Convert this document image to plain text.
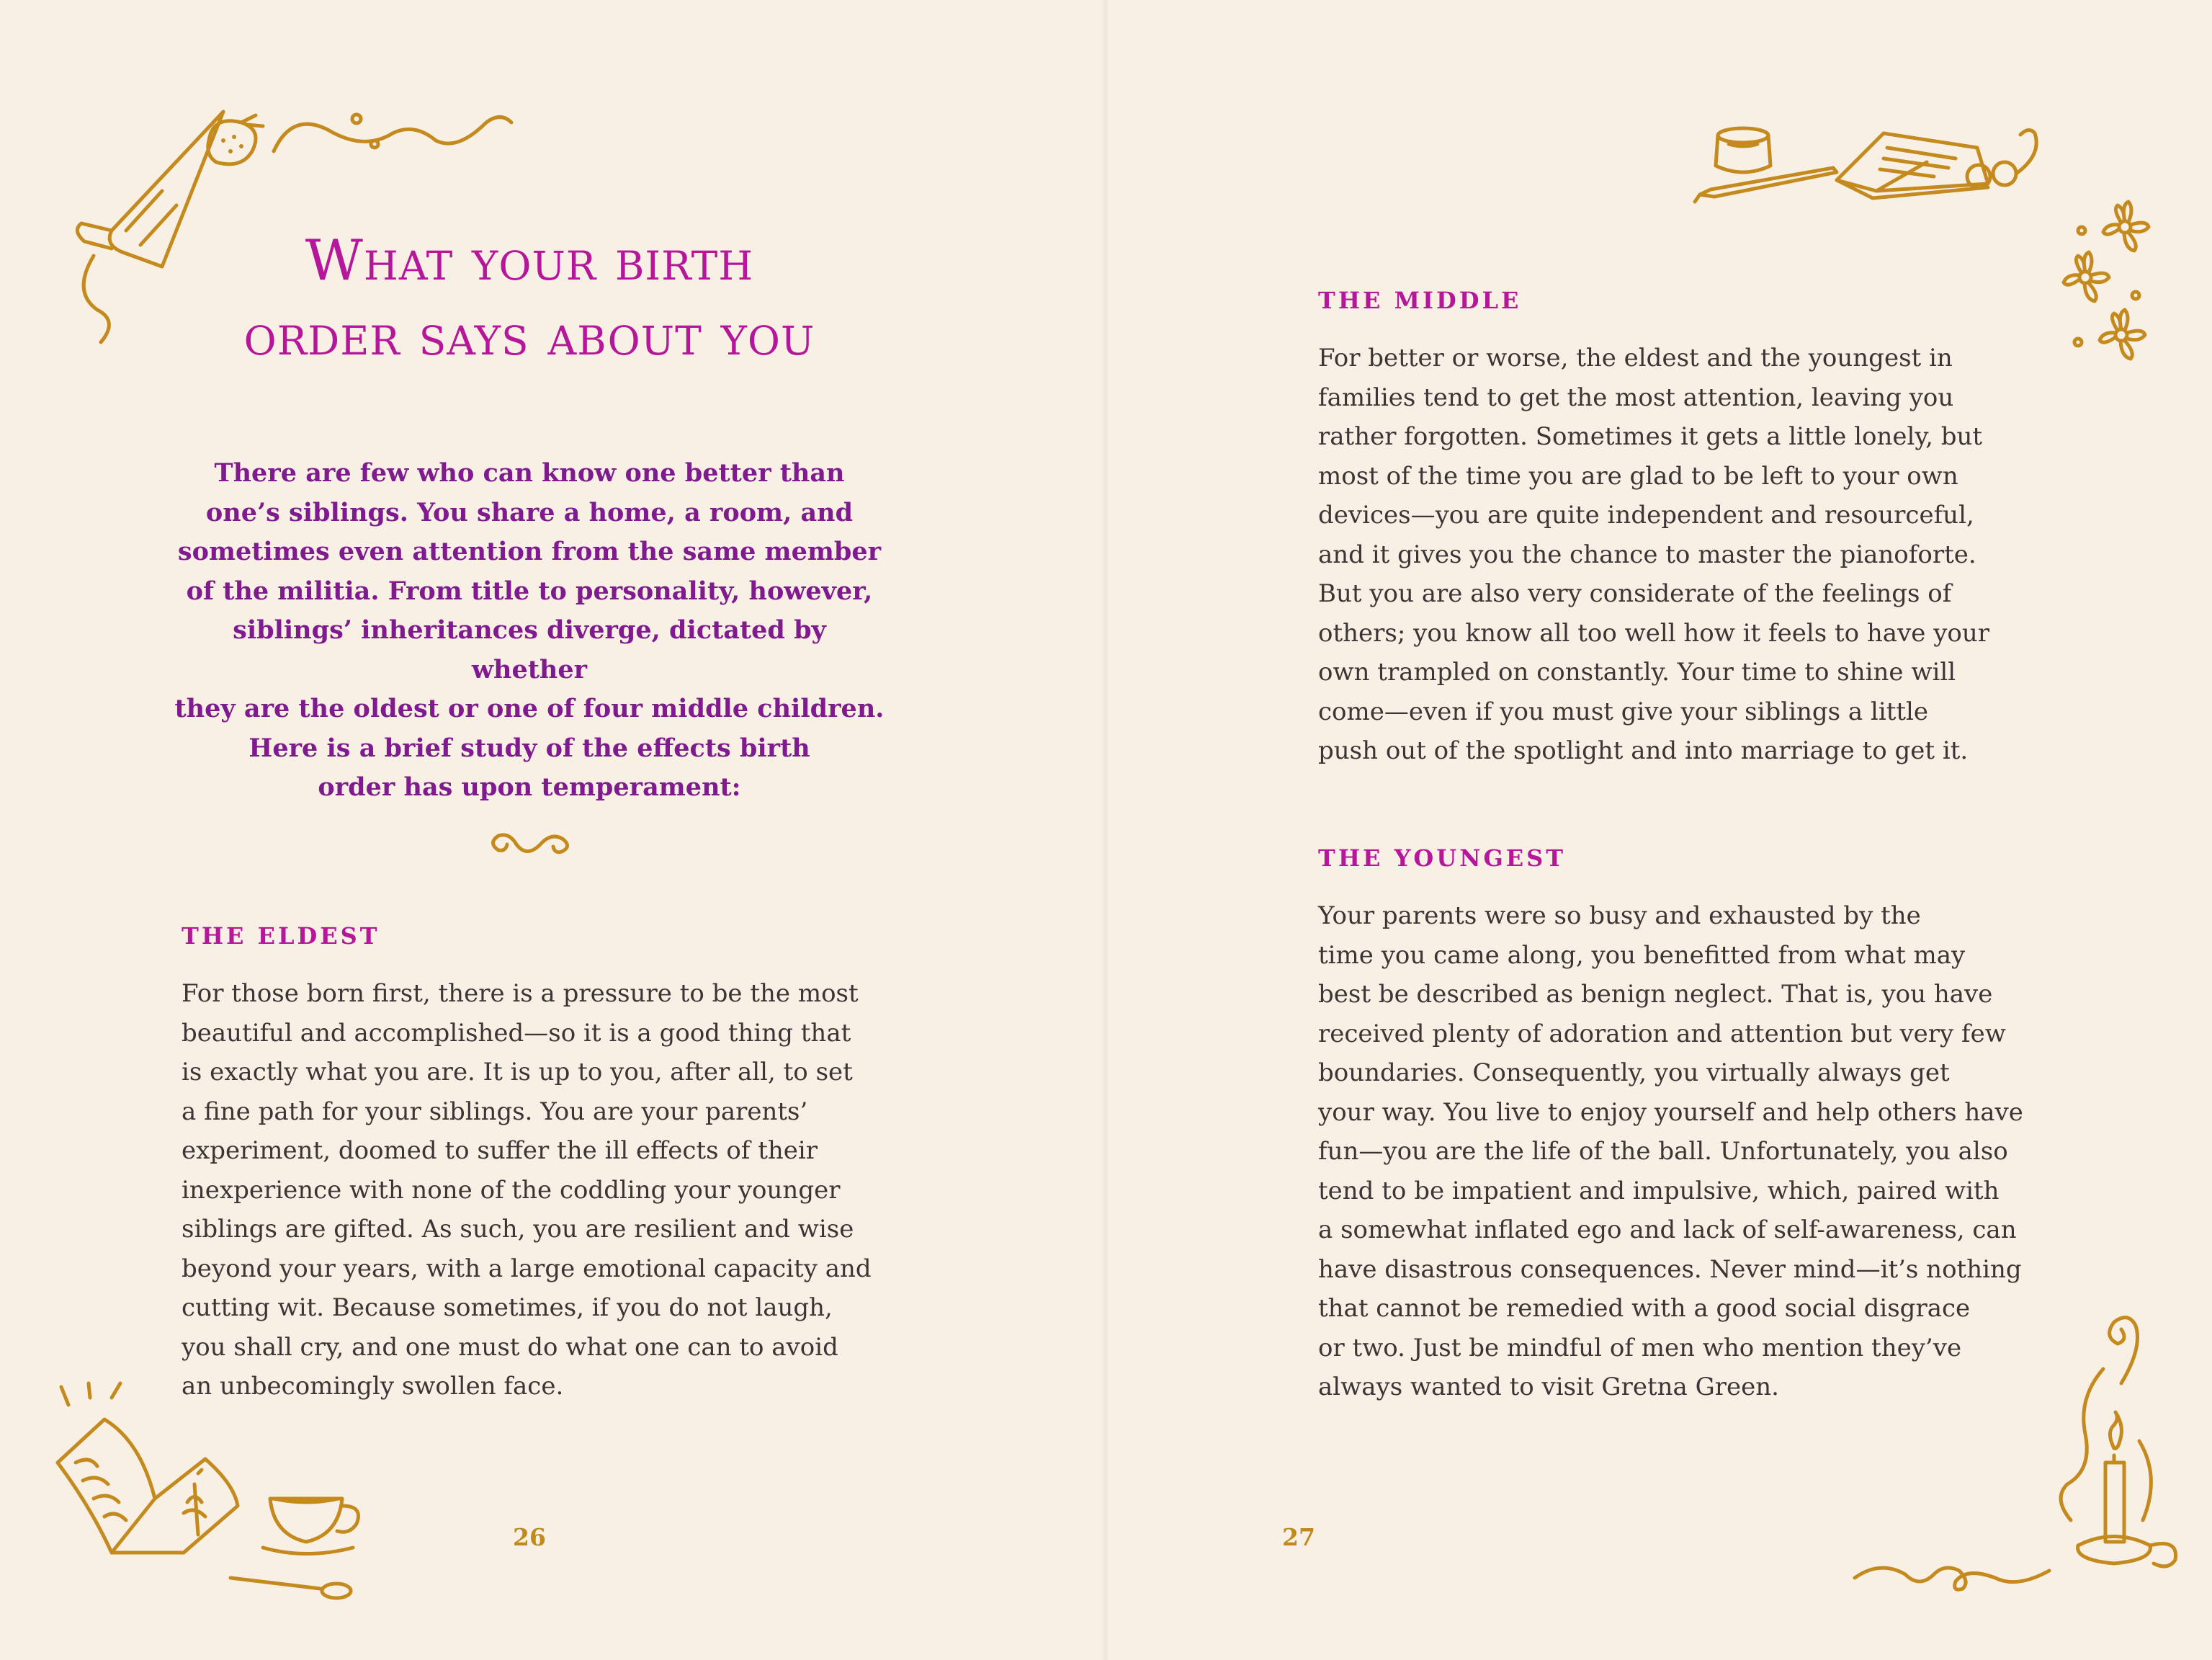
What your birth
order says about you
There are few who can know one better than
one’s siblings. You share a home, a room, and
sometimes even attention from the same member
of the militia. From title to personality, however,
siblings’ inheritances diverge, dictated by whether
they are the oldest or one of four middle children.
Here is a brief study of the effects birth
order has upon temperament:
THE ELDEST

For those born first, there is a pressure to be the most

beautiful and accomplished—so it is a good thing that

is exactly what you are. It is up to you, after all, to set

a fine path for your siblings. You are your parents’

experiment, doomed to suffer the ill effects of their

inexperience with none of the coddling your younger

siblings are gifted. As such, you are resilient and wise

beyond your years, with a large emotional capacity and

cutting wit. Because sometimes, if you do not laugh,

you shall cry, and one must do what one can to avoid

an unbecomingly swollen face.

26
THE MIDDLE

For better or worse, the eldest and the youngest in

families tend to get the most attention, leaving you

rather forgotten. Sometimes it gets a little lonely, but

most of the time you are glad to be left to your own

devices—you are quite independent and resourceful,

and it gives you the chance to master the pianoforte.

But you are also very considerate of the feelings of

others; you know all too well how it feels to have your

own trampled on constantly. Your time to shine will

come—even if you must give your siblings a little

push out of the spotlight and into marriage to get it.

THE YOUNGEST

Your parents were so busy and exhausted by the

time you came along, you benefitted from what may

best be described as benign neglect. That is, you have

received plenty of adoration and attention but very few

boundaries. Consequently, you virtually always get

your way. You live to enjoy yourself and help others have

fun—you are the life of the ball. Unfortunately, you also

tend to be impatient and impulsive, which, paired with

a somewhat inflated ego and lack of self-awareness, can

have disastrous consequences. Never mind—it’s nothing

that cannot be remedied with a good social disgrace

or two. Just be mindful of men who mention they’ve

always wanted to visit Gretna Green.

27
